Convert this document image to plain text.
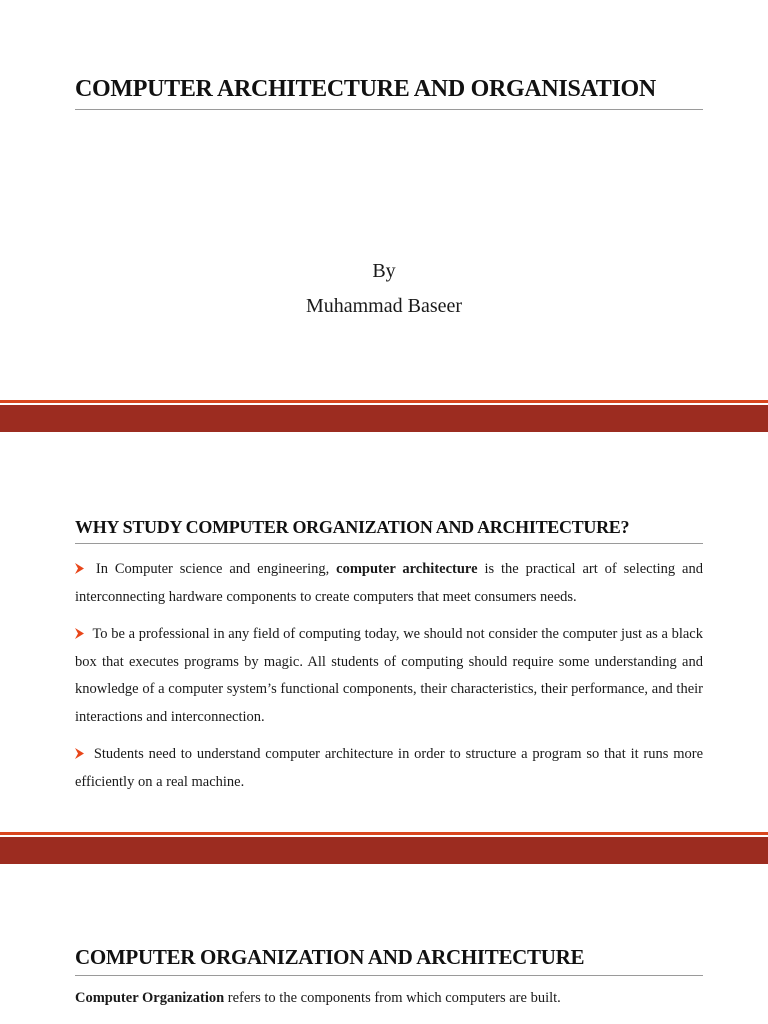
COMPUTER ARCHITECTURE AND ORGANISATION

By

Muhammad Baseer

WHY STUDY COMPUTER ORGANIZATION AND ARCHITECTURE?
In Computer science and engineering, computer architecture is the practical art of selecting and interconnecting hardware components to create computers that meet consumers needs.
To be a professional in any field of computing today, we should not consider the computer just as a black box that executes programs by magic. All students of computing should require some understanding and knowledge of a computer system’s functional components, their characteristics, their performance, and their interactions and interconnection.
Students need to understand computer architecture in order to structure a program so that it runs more efficiently on a real machine.
COMPUTER ORGANIZATION AND ARCHITECTURE

Computer Organization refers to the components from which computers are built.
